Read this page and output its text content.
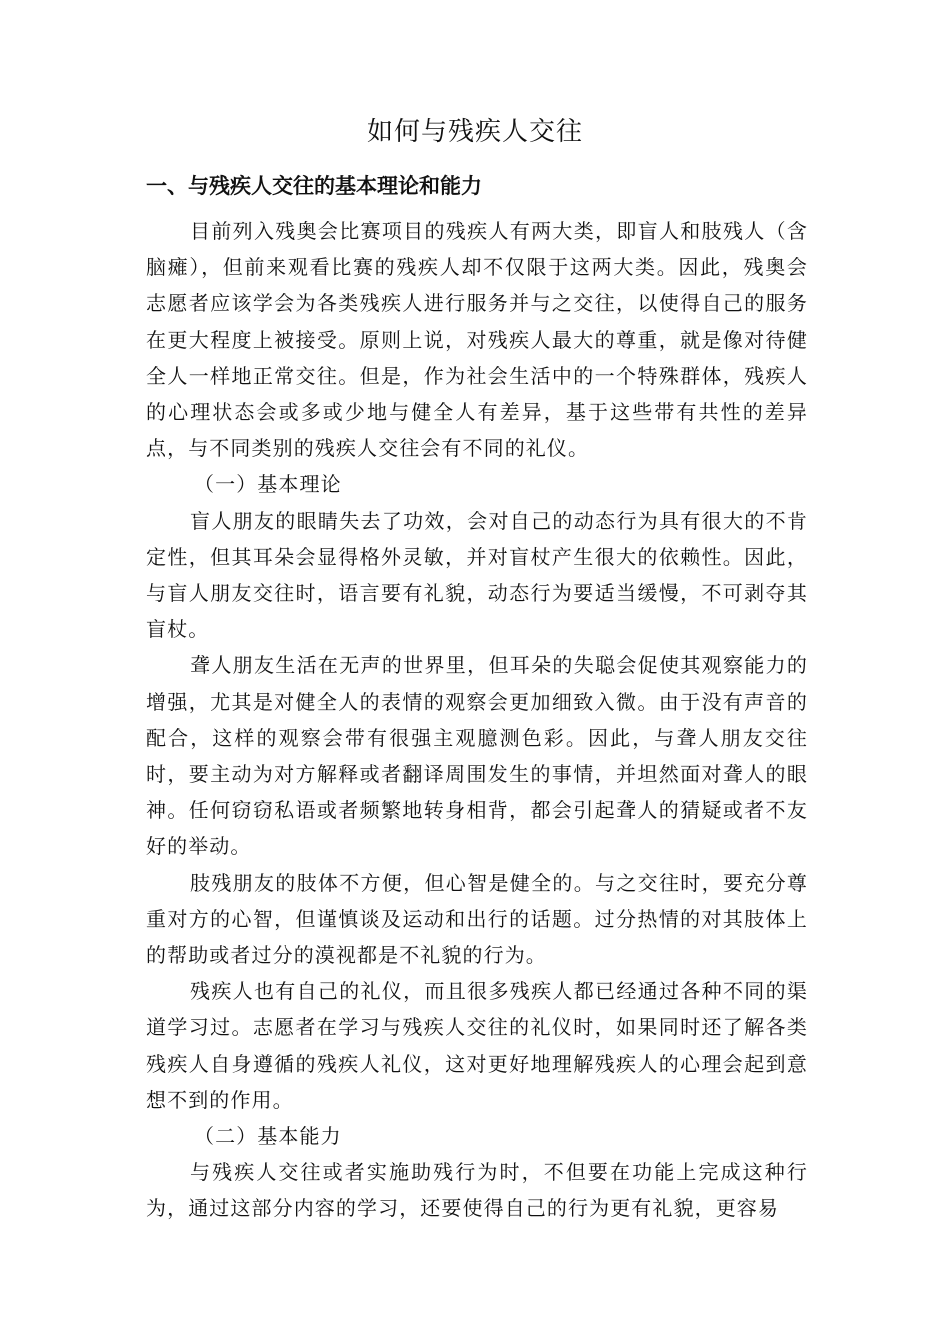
如何与残疾人交往
一、与残疾人交往的基本理论和能力

目前列入残奥会比赛项目的残疾人有两大类，即盲人和肢残人（含脑瘫），但前来观看比赛的残疾人却不仅限于这两大类。因此，残奥会志愿者应该学会为各类残疾人进行服务并与之交往，以使得自己的服务在更大程度上被接受。原则上说，对残疾人最大的尊重，就是像对待健全人一样地正常交往。但是，作为社会生活中的一个特殊群体，残疾人的心理状态会或多或少地与健全人有差异，基于这些带有共性的差异点，与不同类别的残疾人交往会有不同的礼仪。

（一）基本理论

盲人朋友的眼睛失去了功效，会对自己的动态行为具有很大的不肯定性，但其耳朵会显得格外灵敏，并对盲杖产生很大的依赖性。因此，与盲人朋友交往时，语言要有礼貌，动态行为要适当缓慢，不可剥夺其盲杖。

聋人朋友生活在无声的世界里，但耳朵的失聪会促使其观察能力的增强，尤其是对健全人的表情的观察会更加细致入微。由于没有声音的配合，这样的观察会带有很强主观臆测色彩。因此，与聋人朋友交往时，要主动为对方解释或者翻译周围发生的事情，并坦然面对聋人的眼神。任何窃窃私语或者频繁地转身相背，都会引起聋人的猜疑或者不友好的举动。

肢残朋友的肢体不方便，但心智是健全的。与之交往时，要充分尊重对方的心智，但谨慎谈及运动和出行的话题。过分热情的对其肢体上的帮助或者过分的漠视都是不礼貌的行为。

残疾人也有自己的礼仪，而且很多残疾人都已经通过各种不同的渠道学习过。志愿者在学习与残疾人交往的礼仪时，如果同时还了解各类残疾人自身遵循的残疾人礼仪，这对更好地理解残疾人的心理会起到意想不到的作用。

（二）基本能力

与残疾人交往或者实施助残行为时，不但要在功能上完成这种行为，通过这部分内容的学习，还要使得自己的行为更有礼貌，更容易
